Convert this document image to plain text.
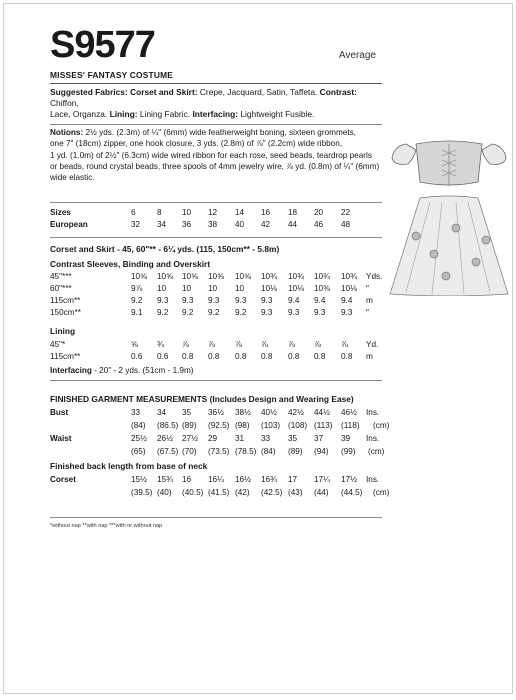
S9577	Average
MISSES' FANTASY COSTUME
Suggested Fabrics: Corset and Skirt: Crepe, Jacquard, Satin, Taffeta. Contrast: Chiffon,
Lace, Organza. Lining: Lining Fabric. Interfacing: Lightweight Fusible.
Notions: 2½ yds. (2.3m) of ¼" (6mm) wide featherweight boning, sixteen grommets,
one 7" (18cm) zipper, one hook closure, 3 yds. (2.8m) of ⅞" (2.2cm) wide ribbon,
1 yd. (1.0m) of 2½" (6.3cm) wide wired ribbon for each rose, seed beads, teardrop pearls
or beads, round crystal beads, three spools of 4mm jewelry wire, ⅞ yd. (0.8m) of ¼" (6mm)
wide elastic.
Sizes	6	8 10 12 14 16 18 20 22
European	32 34 36 38 40 42 44 46 48
Corset and Skirt - 45, 60"** - 6¼ yds. (115, 150cm** - 5.8m)
Contrast Sleeves, Binding and Overskirt
45"***	10⅝ 10⅝ 10⅝ 10⅝ 10⅝ 10¾ 10¾ 10¾ 10¾ Yds.
60"***	9⅞ 10 10 10 10 10⅛ 10⅛ 10⅜ 10⅛ "
115cm**	9.2 9.3 9.3 9.3 9.3 9.3 9.4 9.4 9.4 m
150cm**	9.1 9.2 9.2 9.2 9.2 9.3 9.3 9.3 9.3 "
Lining
45"*	⅝ ¾ ⅞ ⅞ ⅞ ⅞ ⅞ ⅞ ⅞ Yd.
115cm**	0.6 0.6 0.8 0.8 0.8 0.8 0.8 0.8 0.8 m
Interfacing - 20" - 2 yds. (51cm - 1.9m)
FINISHED GARMENT MEASUREMENTS (Includes Design and Wearing Ease)
Bust	33 34 35 36½ 38½ 40½ 42½ 44½ 46½ Ins.
(84) (86.5) (89) (92.5) (98) (103) (108) (113) (118) (cm)
Waist	25½ 26½ 27½ 29 31 33 35 37 39 Ins.
(65) (67.5) (70) (73.5) (78.5) (84) (89) (94) (99) (cm)
Finished back length from base of neck
Corset	15½ 15¾ 16 16¼ 16½ 16¾ 17 17¼ 17½ Ins.
(39.5) (40) (40.5) (41.5) (42) (42.5) (43) (44) (44.5) (cm)
*without nap **with nap ***with or without nap
